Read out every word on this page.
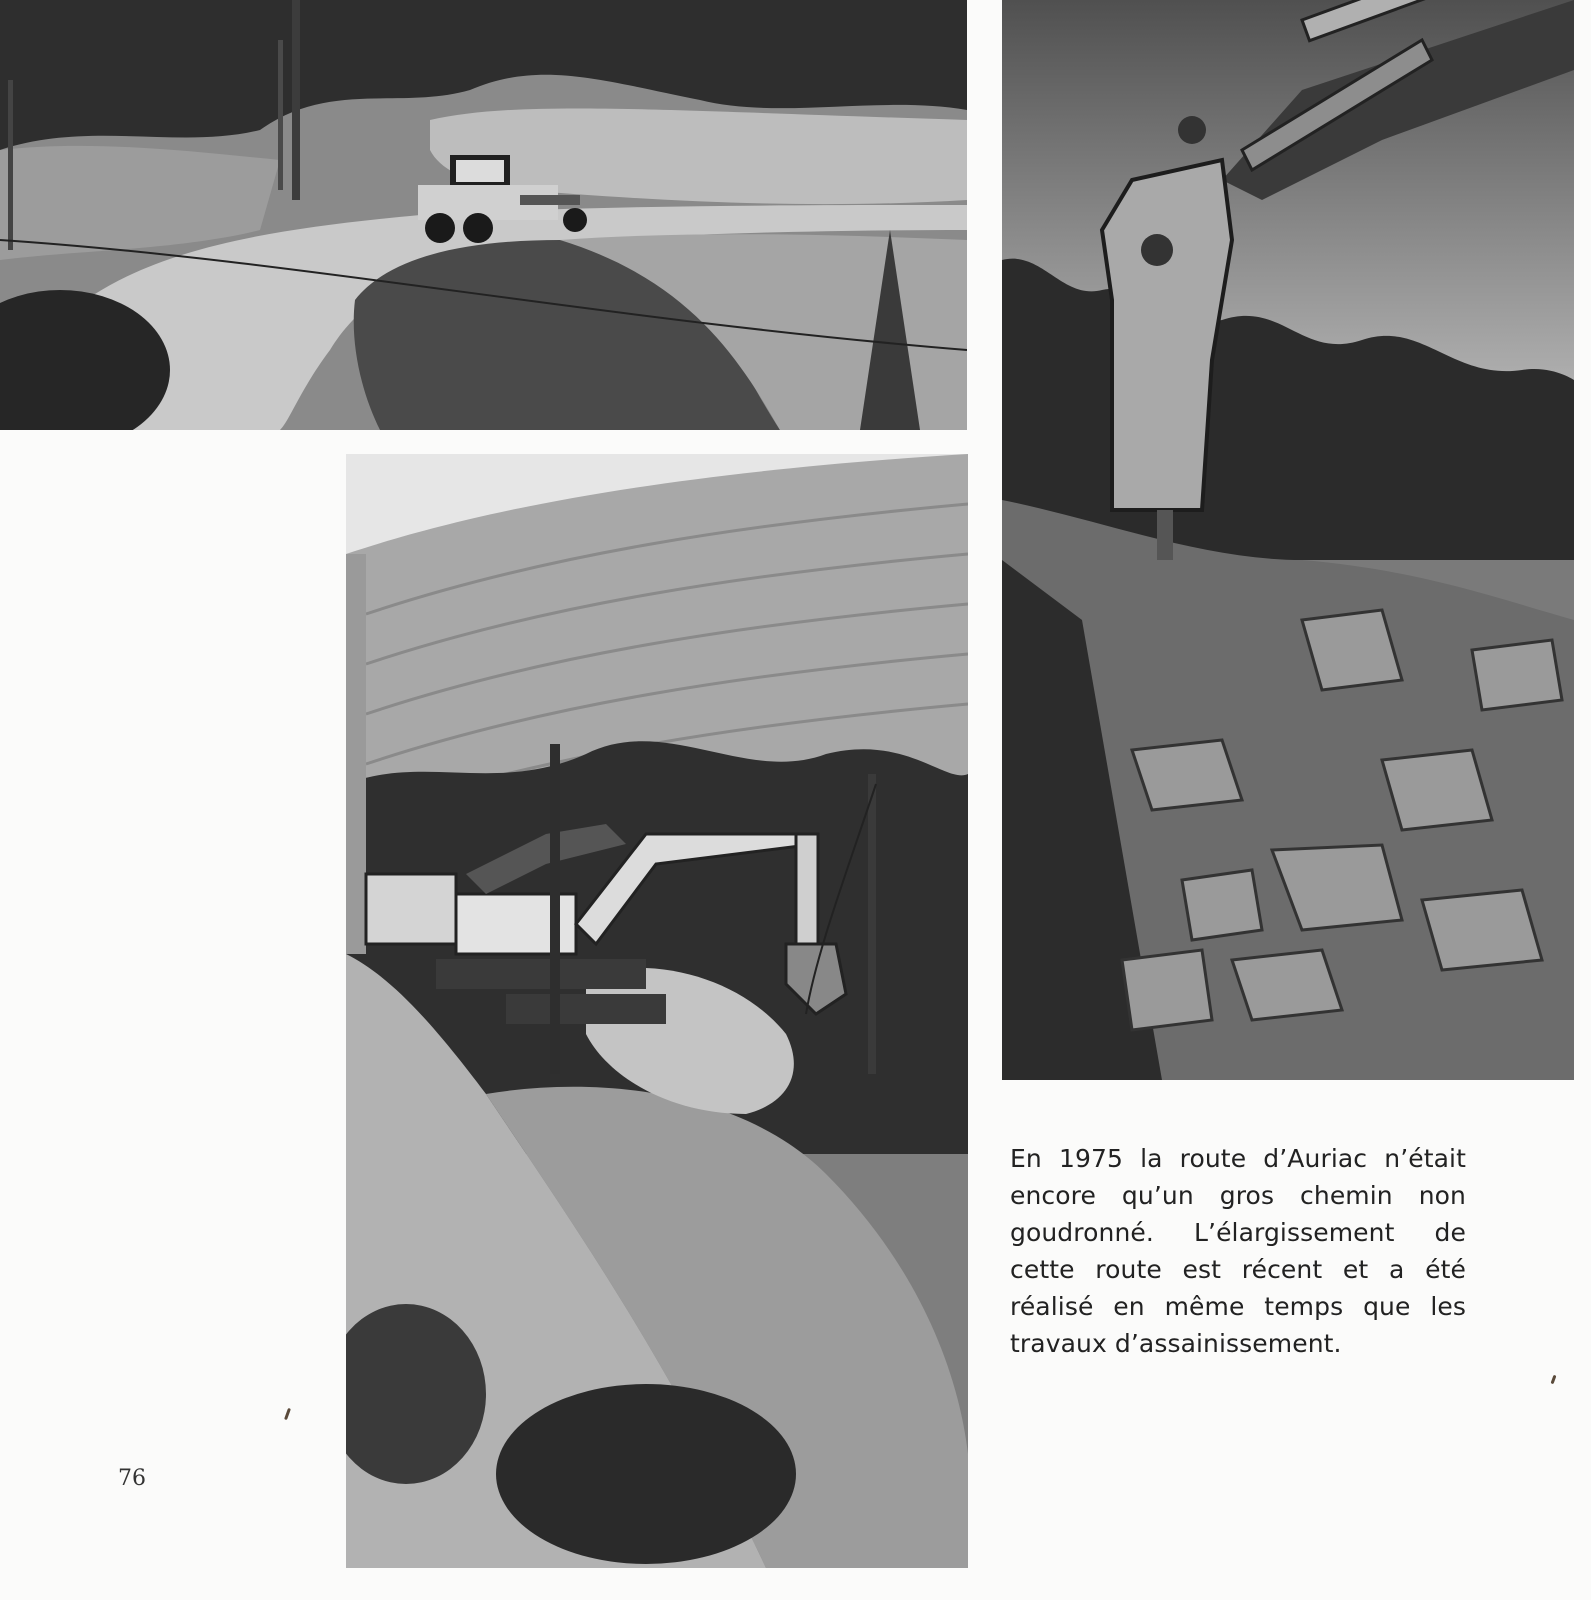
En 1975 la route d’Auriac n’était encore qu’un gros chemin non goudronné. L’élargissement de cette route est récent et a été réalisé en même temps que les travaux d’assainissement.
76
